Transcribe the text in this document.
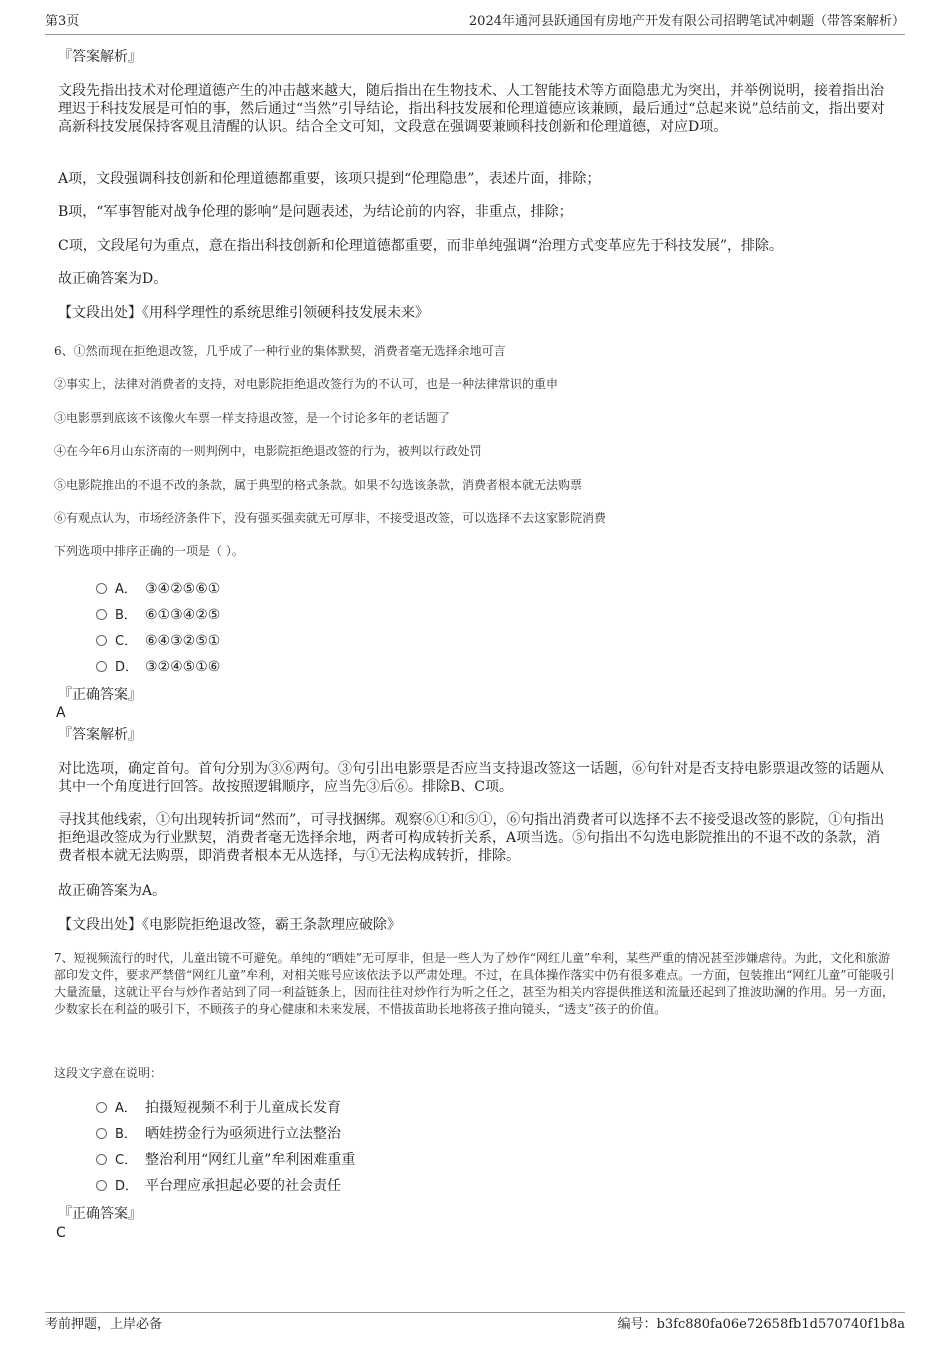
第3页	2024年通河县跃通国有房地产开发有限公司招聘笔试冲刺题（带答案解析）

『答案解析』

文段先指出技术对伦理道德产生的冲击越来越大，随后指出在生物技术、人工智能技术等方面隐患尤为突出，并举例说明，接着指出治理迟于科技发展是可怕的事，然后通过“当然”引导结论，指出科技发展和伦理道德应该兼顾，最后通过“总起来说”总结前文，指出要对高新科技发展保持客观且清醒的认识。结合全文可知，文段意在强调要兼顾科技创新和伦理道德，对应D项。

A项，文段强调科技创新和伦理道德都重要，该项只提到“伦理隐患”，表述片面，排除；

B项，“军事智能对战争伦理的影响”是问题表述，为结论前的内容，非重点，排除；

C项，文段尾句为重点，意在指出科技创新和伦理道德都重要，而非单纯强调“治理方式变革应先于科技发展”，排除。

故正确答案为D。

【文段出处】《用科学理性的系统思维引领硬科技发展未来》

6、①然而现在拒绝退改签，几乎成了一种行业的集体默契，消费者毫无选择余地可言

②事实上，法律对消费者的支持，对电影院拒绝退改签行为的不认可，也是一种法律常识的重申

③电影票到底该不该像火车票一样支持退改签，是一个讨论多年的老话题了

④在今年6月山东济南的一则判例中，电影院拒绝退改签的行为，被判以行政处罚

⑤电影院推出的不退不改的条款，属于典型的格式条款。如果不勾选该条款，消费者根本就无法购票

⑥有观点认为，市场经济条件下，没有强买强卖就无可厚非，不接受退改签，可以选择不去这家影院消费

下列选项中排序正确的一项是（ ）。

A． ③④②⑤⑥①
B． ⑥①③④②⑤
C． ⑥④③②⑤①
D． ③②④⑤①⑥

『正确答案』

A

『答案解析』

对比选项，确定首句。首句分别为③⑥两句。③句引出电影票是否应当支持退改签这一话题，⑥句针对是否支持电影票退改签的话题从其中一个角度进行回答。故按照逻辑顺序，应当先③后⑥。排除B、C项。

寻找其他线索，①句出现转折词“然而”，可寻找捆绑。观察⑥①和⑤①，⑥句指出消费者可以选择不去不接受退改签的影院，①句指出拒绝退改签成为行业默契，消费者毫无选择余地，两者可构成转折关系，A项当选。⑤句指出不勾选电影院推出的不退不改的条款，消费者根本就无法购票，即消费者根本无从选择，与①无法构成转折，排除。

故正确答案为A。

【文段出处】《电影院拒绝退改签，霸王条款理应破除》

7、短视频流行的时代，儿童出镜不可避免。单纯的“晒娃”无可厚非，但是一些人为了炒作“网红儿童”牟利，某些严重的情况甚至涉嫌虐待。为此，文化和旅游部印发文件，要求严禁借“网红儿童”牟利，对相关账号应该依法予以严肃处理。不过，在具体操作落实中仍有很多难点。一方面，包装推出“网红儿童”可能吸引大量流量，这就让平台与炒作者站到了同一利益链条上，因而往往对炒作行为听之任之，甚至为相关内容提供推送和流量还起到了推波助澜的作用。另一方面，少数家长在利益的吸引下，不顾孩子的身心健康和未来发展，不惜拔苗助长地将孩子推向镜头，“透支”孩子的价值。

这段文字意在说明：

A． 拍摄短视频不利于儿童成长发育
B． 晒娃捞金行为亟须进行立法整治
C． 整治利用“网红儿童”牟利困难重重
D． 平台理应承担起必要的社会责任

『正确答案』

C

考前押题，上岸必备	编号：b3fc880fa06e72658fb1d570740f1b8a
